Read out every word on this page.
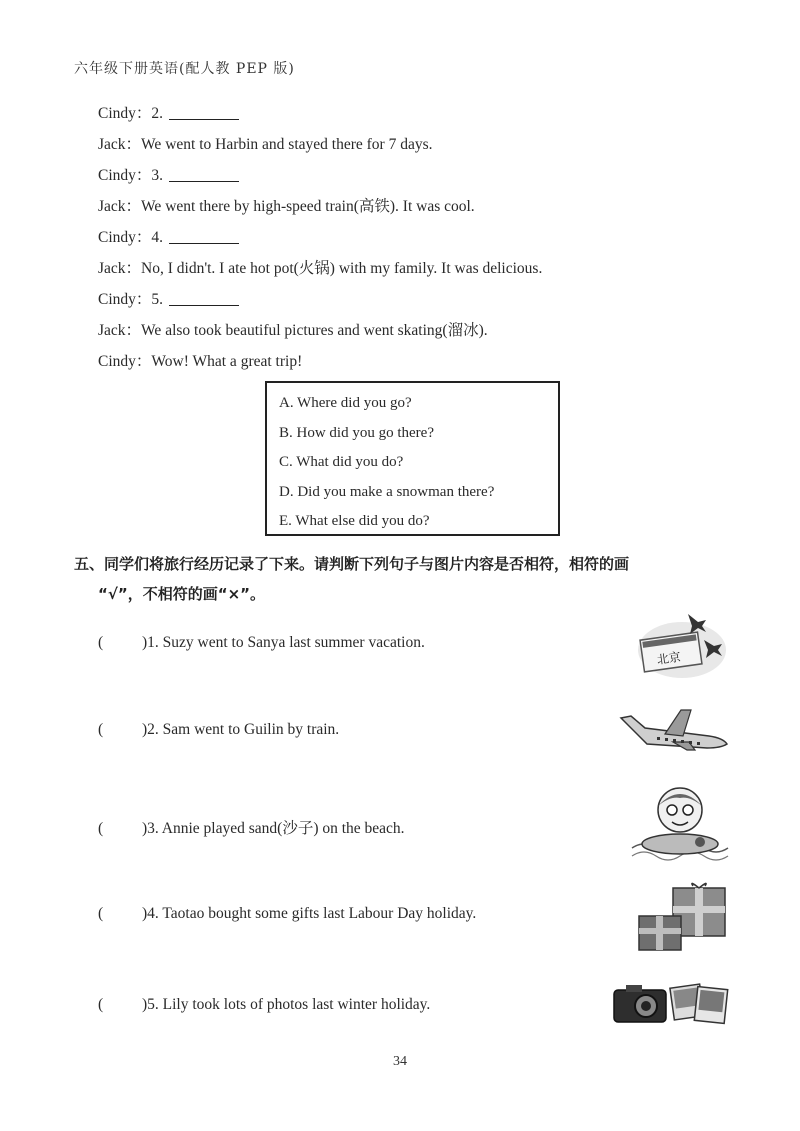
六年级下册英语(配人教 PEP 版)
Cindy：2.
Jack：We went to Harbin and stayed there for 7 days.
Cindy：3.
Jack：We went there by high-speed train(高铁). It was cool.
Cindy：4.
Jack：No, I didn't. I ate hot pot(火锅) with my family. It was delicious.
Cindy：5.
Jack：We also took beautiful pictures and went skating(溜冰).
Cindy：Wow! What a great trip!
A. Where did you go?
B. How did you go there?
C. What did you do?
D. Did you make a snowman there?
E. What else did you do?
五、同学们将旅行经历记录了下来。请判断下列句子与图片内容是否相符，相符的画
“√”，不相符的画“×”。
(	)1. Suzy went to Sanya last summer vacation.
(	)2. Sam went to Guilin by train.
(	)3. Annie played sand(沙子) on the beach.
(	)4. Taotao bought some gifts last Labour Day holiday.
(	)5. Lily took lots of photos last winter holiday.
北京
34
